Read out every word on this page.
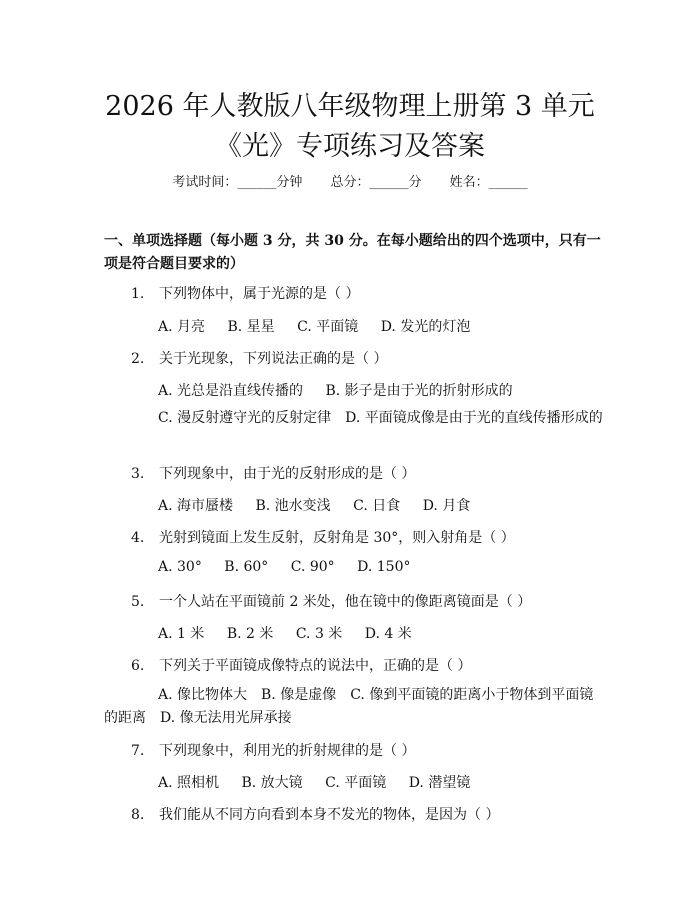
2026 年人教版八年级物理上册第 3 单元
《光》专项练习及答案
考试时间：______分钟 总分：______分 姓名：______
一、单项选择题（每小题 3 分，共 30 分。在每小题给出的四个选项中，只有一项是符合题目要求的）
1. 下列物体中，属于光源的是（ ）
A. 月亮 B. 星星 C. 平面镜 D. 发光的灯泡
2. 关于光现象，下列说法正确的是（ ）
A. 光总是沿直线传播的 B. 影子是由于光的折射形成的
C. 漫反射遵守光的反射定律 D. 平面镜成像是由于光的直线传播形成的
3. 下列现象中，由于光的反射形成的是（ ）
A. 海市蜃楼 B. 池水变浅 C. 日食 D. 月食
4. 光射到镜面上发生反射，反射角是 30°，则入射角是（ ）
A. 30° B. 60° C. 90° D. 150°
5. 一个人站在平面镜前 2 米处，他在镜中的像距离镜面是（ ）
A. 1 米 B. 2 米 C. 3 米 D. 4 米
6. 下列关于平面镜成像特点的说法中，正确的是（ ）
A. 像比物体大 B. 像是虚像 C. 像到平面镜的距离小于物体到平面镜的距离 D. 像无法用光屏承接
7. 下列现象中，利用光的折射规律的是（ ）
A. 照相机 B. 放大镜 C. 平面镜 D. 潜望镜
8. 我们能从不同方向看到本身不发光的物体，是因为（ ）
